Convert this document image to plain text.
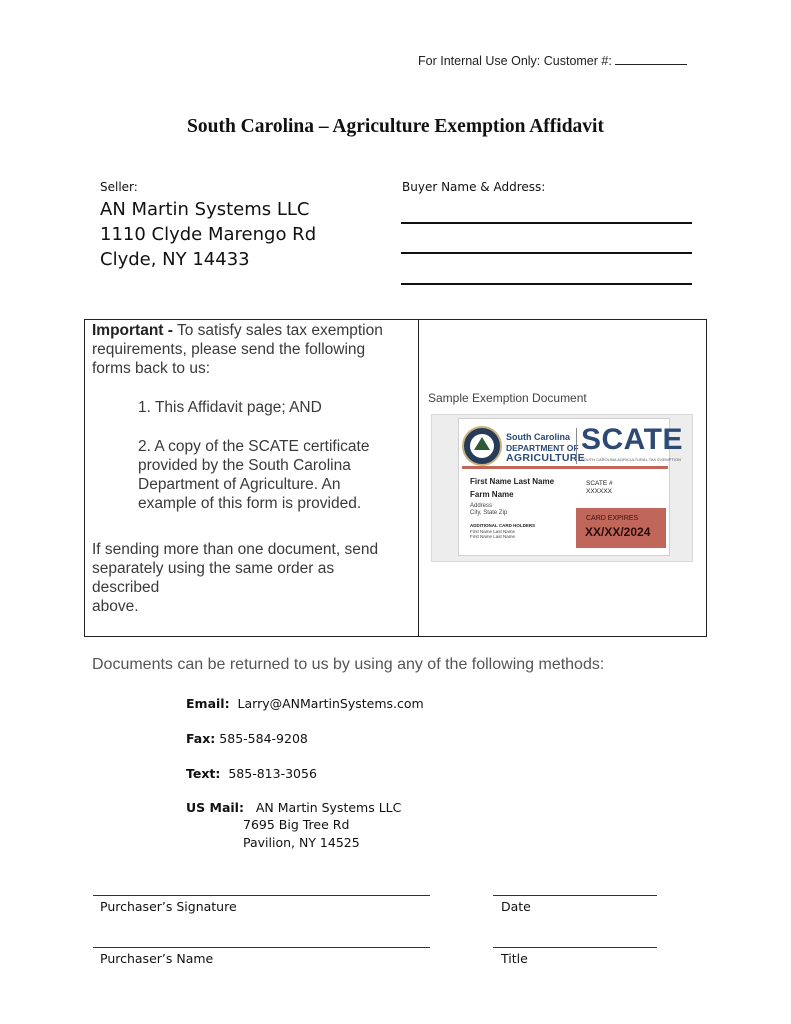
For Internal Use Only: Customer #:
South Carolina – Agriculture Exemption Affidavit
Seller:
AN Martin Systems LLC
1110 Clyde Marengo Rd
Clyde, NY 14433
Buyer Name & Address:
Important - To satisfy sales tax exemption
requirements, please send the following
forms back to us:
1. This Affidavit page; AND
2. A copy of the SCATE certificate
provided by the South Carolina
Department of Agriculture. An
example of this form is provided.
If sending more than one document, send
separately using the same order as
described
above.
Sample Exemption Document
South Carolina
DEPARTMENT OF
AGRICULTURE
SCATE
SOUTH CAROLINA AGRICULTURAL TAX EXEMPTION
First Name Last Name
Farm Name
Address
City, State Zip
ADDITIONAL CARD HOLDERS
First Name Last Name
First Name Last Name
SCATE #
XXXXXX
CARD EXPIRES
XX/XX/2024
Documents can be returned to us by using any of the following methods:
Email: Larry@ANMartinSystems.com
Fax: 585-584-9208
Text: 585-813-3056
US Mail: AN Martin Systems LLC
7695 Big Tree Rd
Pavilion, NY 14525
Purchaser’s Signature	Date
Purchaser’s Name	Title
